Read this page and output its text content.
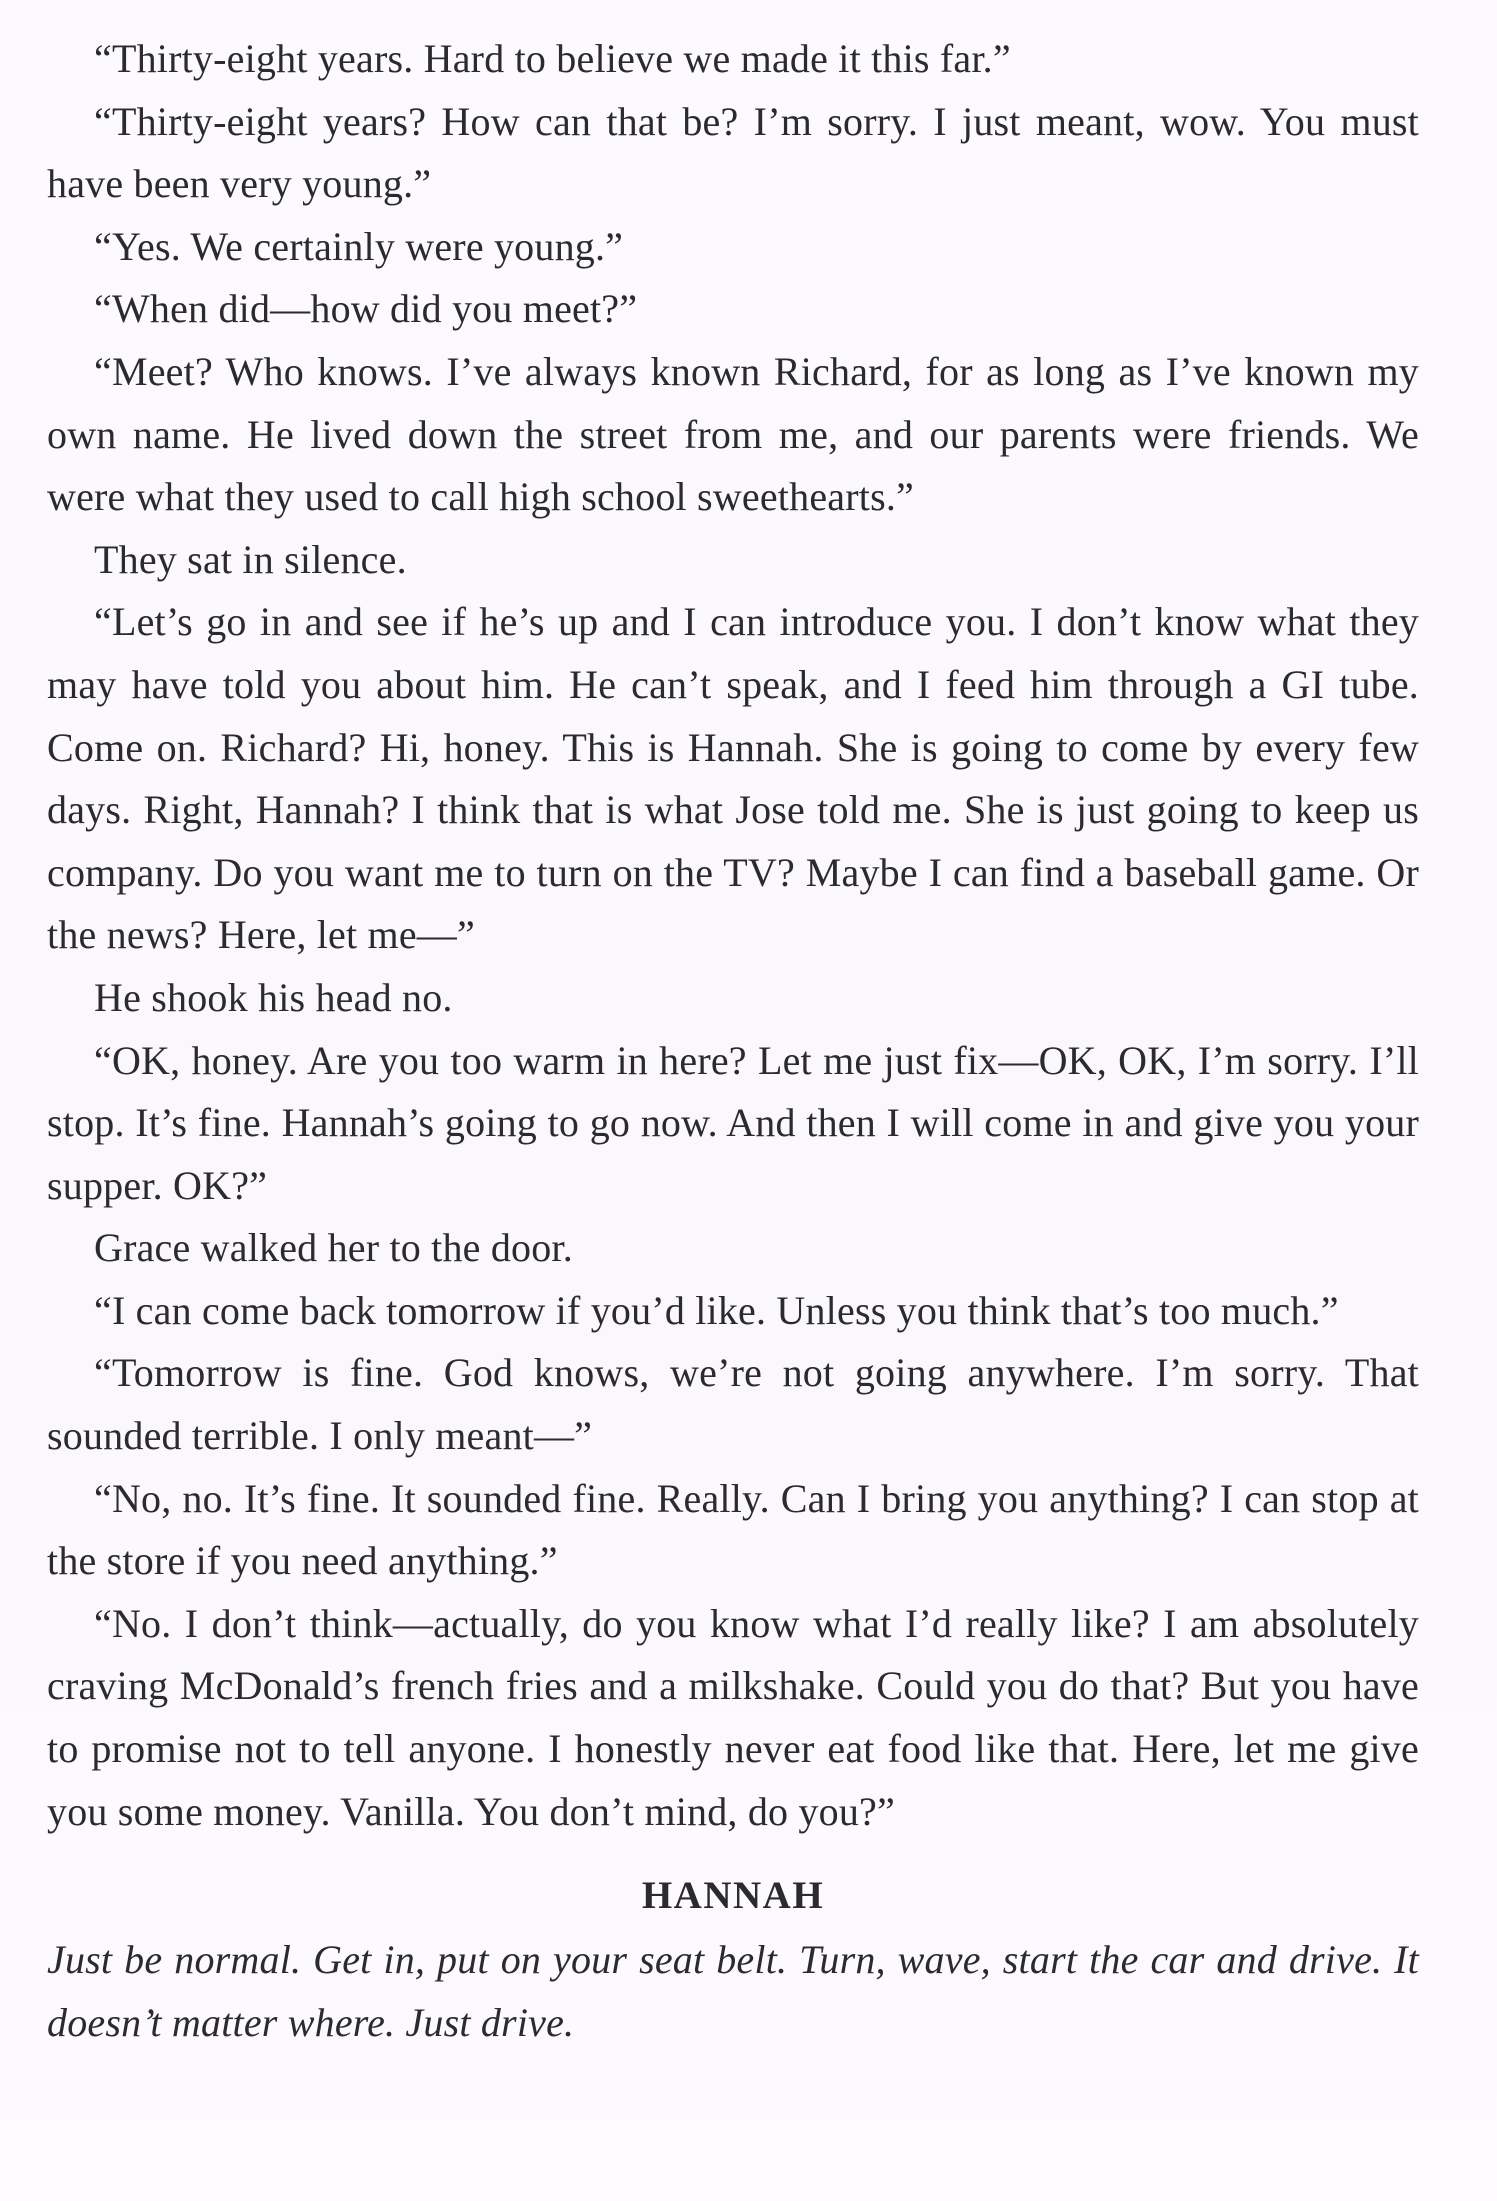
“Thirty-eight years. Hard to believe we made it this far.”

“Thirty-eight years? How can that be? I’m sorry. I just meant, wow. You must have been very young.”

“Yes. We certainly were young.”

“When did—how did you meet?”

“Meet? Who knows. I’ve always known Richard, for as long as I’ve known my own name. He lived down the street from me, and our parents were friends. We were what they used to call high school sweethearts.”

They sat in silence.

“Let’s go in and see if he’s up and I can introduce you. I don’t know what they may have told you about him. He can’t speak, and I feed him through a GI tube. Come on. Richard? Hi, honey. This is Hannah. She is going to come by every few days. Right, Hannah? I think that is what Jose told me. She is just going to keep us company. Do you want me to turn on the TV? Maybe I can find a baseball game. Or the news? Here, let me—”

He shook his head no.

“OK, honey. Are you too warm in here? Let me just fix—OK, OK, I’m sorry. I’ll stop. It’s fine. Hannah’s going to go now. And then I will come in and give you your supper. OK?”

Grace walked her to the door.

“I can come back tomorrow if you’d like. Unless you think that’s too much.”

“Tomorrow is fine. God knows, we’re not going anywhere. I’m sorry. That sounded terrible. I only meant—”

“No, no. It’s fine. It sounded fine. Really. Can I bring you anything? I can stop at the store if you need anything.”

“No. I don’t think—actually, do you know what I’d really like? I am absolutely craving McDonald’s french fries and a milkshake. Could you do that? But you have to promise not to tell anyone. I honestly never eat food like that. Here, let me give you some money. Vanilla. You don’t mind, do you?”

HANNAH

Just be normal. Get in, put on your seat belt. Turn, wave, start the car and drive. It doesn’t matter where. Just drive.
